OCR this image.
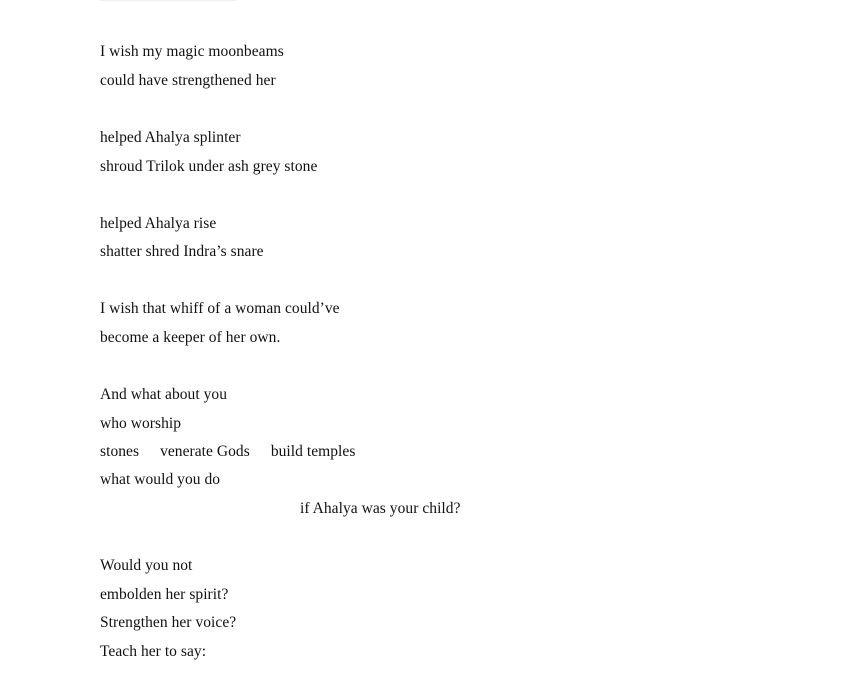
I wish my magic moonbeams
could have strengthened her
helped Ahalya splinter
shroud Trilok under ash grey stone
helped Ahalya rise
shatter shred Indra’s snare
I wish that whiff of a woman could’ve
become a keeper of her own.
And what about you
who worship
stones venerate Gods build temples
what would you do
if Ahalya was your child?
Would you not
embolden her spirit?
Strengthen her voice?
Teach her to say:
